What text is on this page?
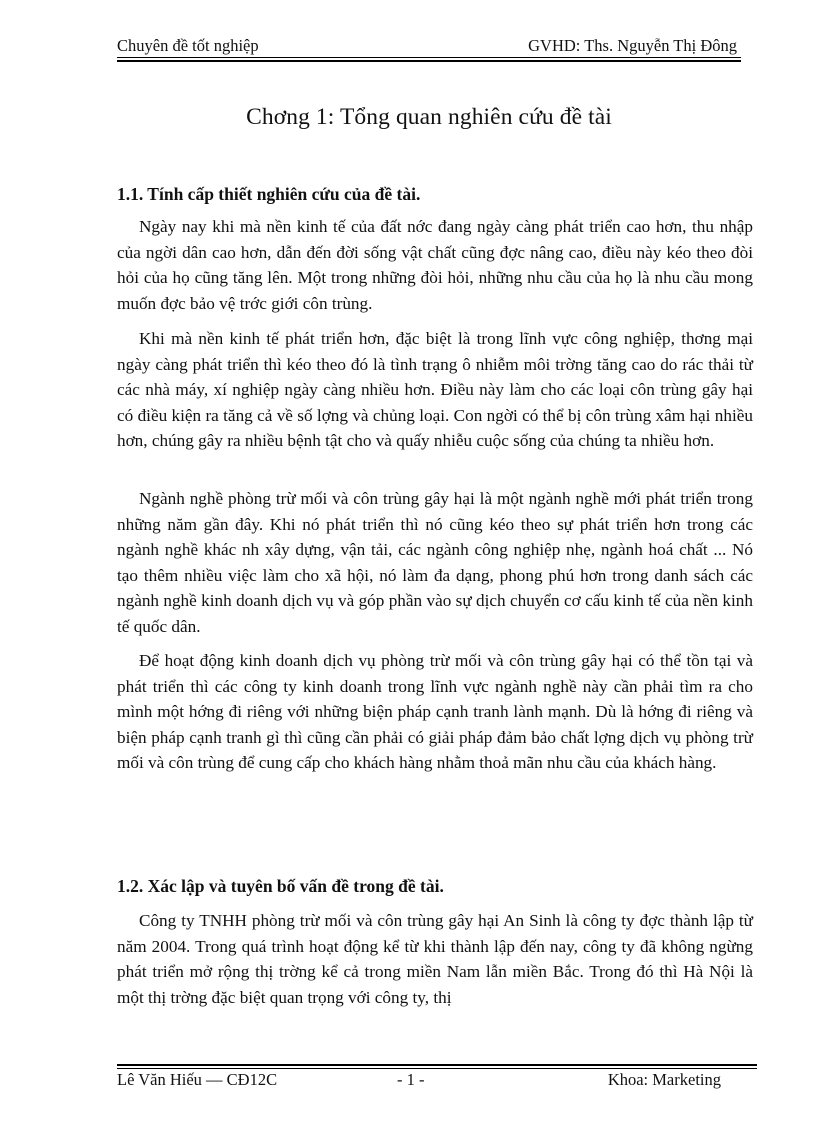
Chuyên đề tốt nghiệp	GVHD: Ths. Nguyễn Thị Đông
Chơng 1: Tổng quan nghiên cứu đề tài
1.1. Tính cấp thiết nghiên cứu của đề tài.

Ngày nay khi mà nền kinh tế của đất nớc đang ngày càng phát triển cao hơn, thu nhập của ngời dân cao hơn, dẫn đến đời sống vật chất cũng đợc nâng cao, điều này kéo theo đòi hỏi của họ cũng tăng lên. Một trong những đòi hỏi, những nhu cầu của họ là nhu cầu mong muốn đợc bảo vệ trớc giới côn trùng.

Khi mà nền kinh tế phát triển hơn, đặc biệt là trong lĩnh vực công nghiệp, thơng mại ngày càng phát triển thì kéo theo đó là tình trạng ô nhiễm môi trờng tăng cao do rác thải từ các nhà máy, xí nghiệp ngày càng nhiều hơn. Điều này làm cho các loại côn trùng gây hại có điều kiện ra tăng cả về số lợng và chủng loại. Con ngời có thể bị côn trùng xâm hại nhiều hơn, chúng gây ra nhiều bệnh tật cho và quấy nhiễu cuộc sống của chúng ta nhiều hơn.

Ngành nghề phòng trừ mối và côn trùng gây hại là một ngành nghề mới phát triển trong những năm gần đây. Khi nó phát triển thì nó cũng kéo theo sự phát triển hơn trong các ngành nghề khác nh xây dựng, vận tải, các ngành công nghiệp nhẹ, ngành hoá chất ... Nó tạo thêm nhiều việc làm cho xã hội, nó làm đa dạng, phong phú hơn trong danh sách các ngành nghề kinh doanh dịch vụ và góp phần vào sự dịch chuyển cơ cấu kinh tế của nền kinh tế quốc dân.

Để hoạt động kinh doanh dịch vụ phòng trừ mối và côn trùng gây hại có thể tồn tại và phát triển thì các công ty kinh doanh trong lĩnh vực ngành nghề này cần phải tìm ra cho mình một hớng đi riêng với những biện pháp cạnh tranh lành mạnh. Dù là hớng đi riêng và biện pháp cạnh tranh gì thì cũng cần phải có giải pháp đảm bảo chất lợng dịch vụ phòng trừ mối và côn trùng để cung cấp cho khách hàng nhằm thoả mãn nhu cầu của khách hàng.

1.2. Xác lập và tuyên bố vấn đề trong đề tài.

Công ty TNHH phòng trừ mối và côn trùng gây hại An Sinh là công ty đợc thành lập từ năm 2004. Trong quá trình hoạt động kể từ khi thành lập đến nay, công ty đã không ngừng phát triển mở rộng thị trờng kể cả trong miền Nam lẫn miền Bắc. Trong đó thì Hà Nội là một thị trờng đặc biệt quan trọng với công ty, thị

Lê Văn Hiếu — CĐ12C	- 1 -	Khoa: Marketing
